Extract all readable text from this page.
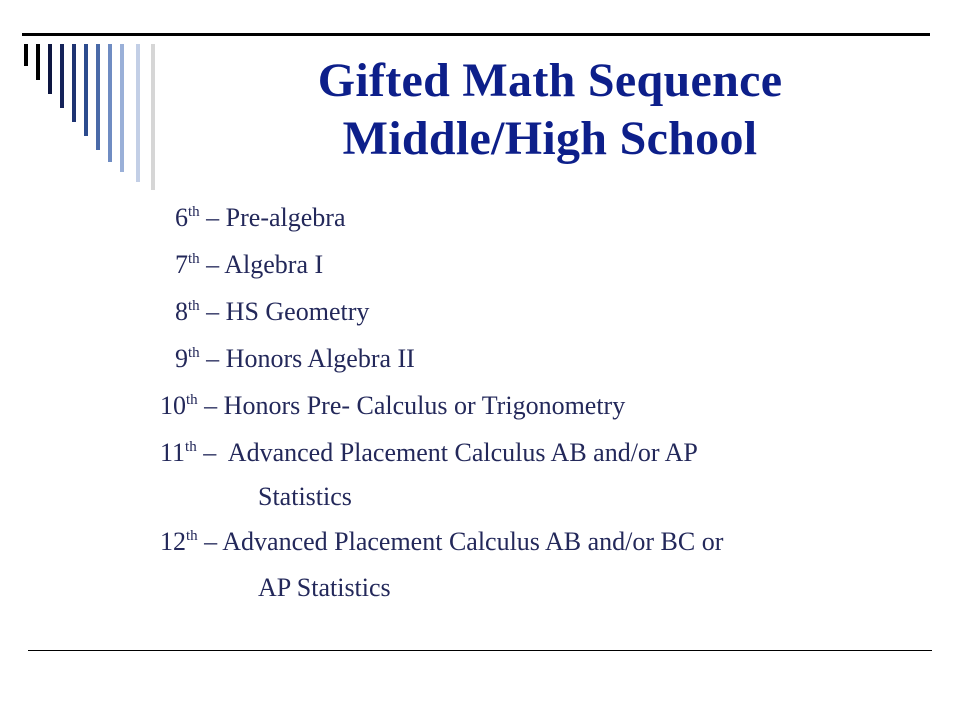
Gifted Math Sequence
Middle/High School
6th – Pre-algebra
7th – Algebra I
8th – HS Geometry
9th – Honors Algebra II
10th – Honors Pre- Calculus or Trigonometry
11th –  Advanced Placement Calculus AB and/or AP
Statistics
12th – Advanced Placement Calculus AB and/or BC or
AP Statistics
